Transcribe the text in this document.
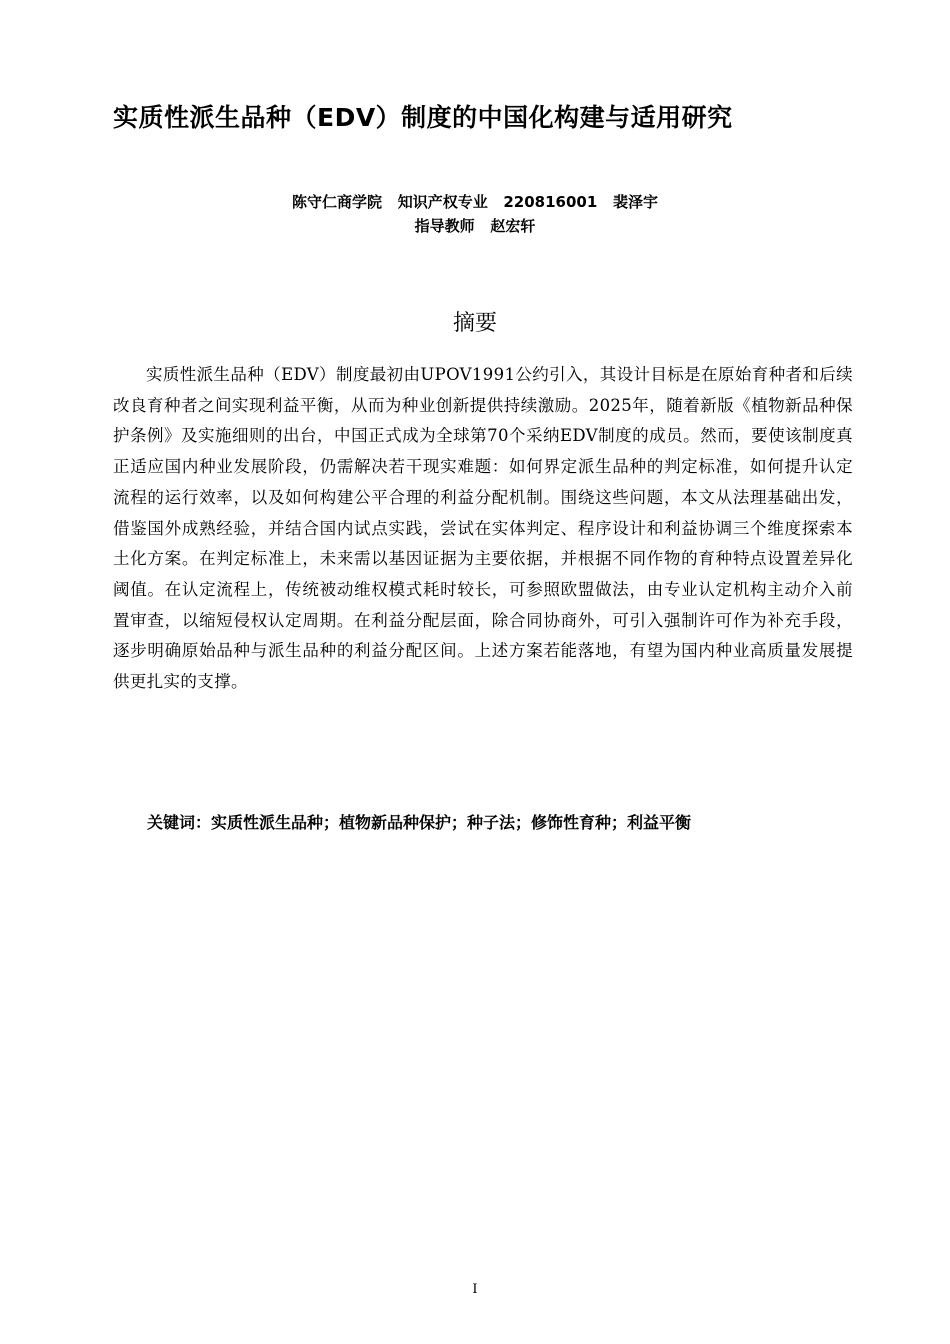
实质性派生品种（EDV）制度的中国化构建与适用研究
陈守仁商学院   知识产权专业   220816001   裴泽宇
指导教师   赵宏轩
摘要

实质性派生品种（EDV）制度最初由UPOV1991公约引入，其设计目标是在原始育种者和后续改良育种者之间实现利益平衡，从而为种业创新提供持续激励。2025年，随着新版《植物新品种保护条例》及实施细则的出台，中国正式成为全球第70个采纳EDV制度的成员。然而，要使该制度真正适应国内种业发展阶段，仍需解决若干现实难题：如何界定派生品种的判定标准，如何提升认定流程的运行效率，以及如何构建公平合理的利益分配机制。围绕这些问题，本文从法理基础出发，借鉴国外成熟经验，并结合国内试点实践，尝试在实体判定、程序设计和利益协调三个维度探索本土化方案。在判定标准上，未来需以基因证据为主要依据，并根据不同作物的育种特点设置差异化阈值。在认定流程上，传统被动维权模式耗时较长，可参照欧盟做法，由专业认定机构主动介入前置审查，以缩短侵权认定周期。在利益分配层面，除合同协商外，可引入强制许可作为补充手段，逐步明确原始品种与派生品种的利益分配区间。上述方案若能落地，有望为国内种业高质量发展提供更扎实的支撑。

关键词：实质性派生品种；植物新品种保护；种子法；修饰性育种；利益平衡

I
